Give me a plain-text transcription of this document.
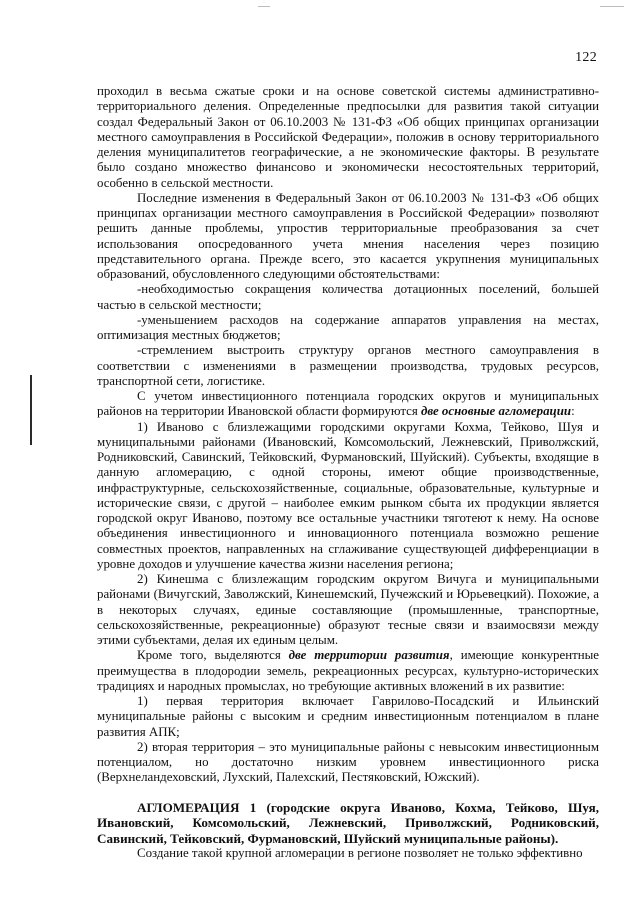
122

проходил в весьма сжатые сроки и на основе советской системы административно-территориального деления. Определенные предпосылки для развития такой ситуации создал Федеральный Закон от 06.10.2003 № 131-ФЗ «Об общих принципах организации местного самоуправления в Российской Федерации», положив в основу территориального деления муниципалитетов географические, а не экономические факторы. В результате было создано множество финансово и экономически несостоятельных территорий, особенно в сельской местности.

Последние изменения в Федеральный Закон от 06.10.2003 № 131-ФЗ «Об общих принципах организации местного самоуправления в Российской Федерации» позволяют решить данные проблемы, упростив территориальные преобразования за счет использования опосредованного учета мнения населения через позицию представительного органа. Прежде всего, это касается укрупнения муниципальных образований, обусловленного следующими обстоятельствами:

-необходимостью сокращения количества дотационных поселений, большей частью в сельской местности;

-уменьшением расходов на содержание аппаратов управления на местах, оптимизация местных бюджетов;

-стремлением выстроить структуру органов местного самоуправления в соответствии с изменениями в размещении производства, трудовых ресурсов, транспортной сети, логистике.

С учетом инвестиционного потенциала городских округов и муниципальных районов на территории Ивановской области формируются две основные агломерации:

1) Иваново с близлежащими городскими округами Кохма, Тейково, Шуя и муниципальными районами (Ивановский, Комсомольский, Лежневский, Приволжский, Родниковский, Савинский, Тейковский, Фурмановский, Шуйский). Субъекты, входящие в данную агломерацию, с одной стороны, имеют общие производственные, инфраструктурные, сельскохозяйственные, социальные, образовательные, культурные и исторические связи, с другой – наиболее емким рынком сбыта их продукции является городской округ Иваново, поэтому все остальные участники тяготеют к нему. На основе объединения инвестиционного и инновационного потенциала возможно решение совместных проектов, направленных на сглаживание существующей дифференциации в уровне доходов и улучшение качества жизни населения региона;

2) Кинешма с близлежащим городским округом Вичуга и муниципальными районами (Вичугский, Заволжский, Кинешемский, Пучежский и Юрьевецкий). Похожие, а в некоторых случаях, единые составляющие (промышленные, транспортные, сельскохозяйственные, рекреационные) образуют тесные связи и взаимосвязи между этими субъектами, делая их единым целым.

Кроме того, выделяются две территории развития, имеющие конкурентные преимущества в плодородии земель, рекреационных ресурсах, культурно-исторических традициях и народных промыслах, но требующие активных вложений в их развитие:

1) первая территория включает Гаврилово-Посадский и Ильинский муниципальные районы с высоким и средним инвестиционным потенциалом в плане развития АПК;

2) вторая территория – это муниципальные районы с невысоким инвестиционным потенциалом, но достаточно низким уровнем инвестиционного риска (Верхнеландеховский, Лухский, Палехский, Пестяковский, Южский).

АГЛОМЕРАЦИЯ 1 (городские округа Иваново, Кохма, Тейково, Шуя, Ивановский, Комсомольский, Лежневский, Приволжский, Родниковский, Савинский, Тейковский, Фурмановский, Шуйский муниципальные районы).

Создание такой крупной агломерации в регионе позволяет не только эффективно
